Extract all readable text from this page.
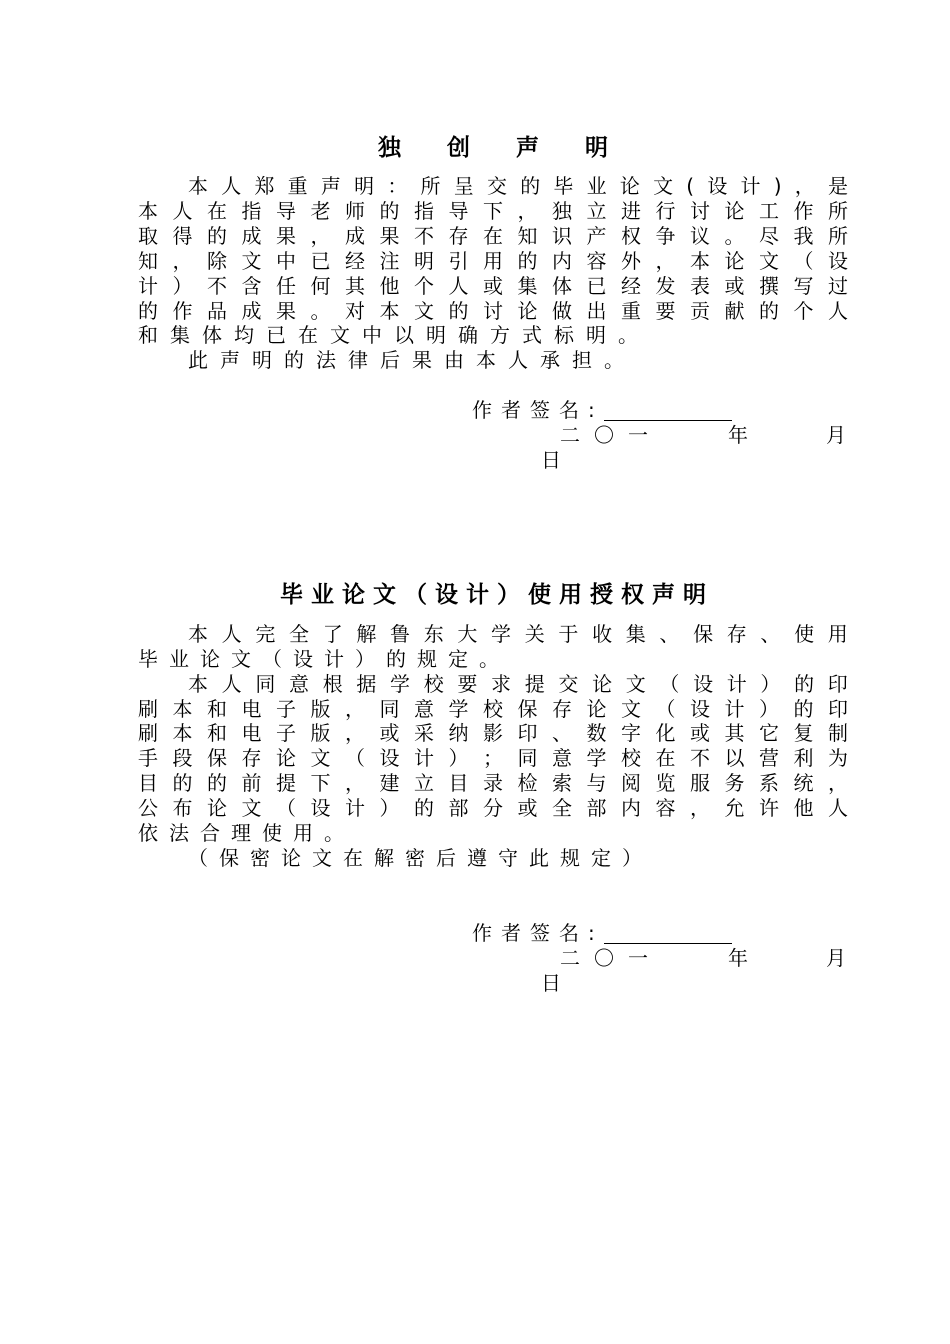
独 创 声 明
本 人 郑 重 声 明 ： 所 呈 交 的 毕 业 论 文 ( 设 计 ) ， 是
本 人 在 指 导 老 师 的 指 导 下 ， 独 立 进 行 讨 论 工 作 所
取 得 的 成 果 ， 成 果 不 存 在 知 识 产 权 争 议 。 尽 我 所
知 ， 除 文 中 已 经 注 明 引 用 的 内 容 外 ， 本 论 文 （ 设
计 ） 不 含 任 何 其 他 个 人 或 集 体 已 经 发 表 或 撰 写 过
的 作 品 成 果 。 对 本 文 的 讨 论 做 出 重 要 贡 献 的 个 人
和 集 体 均 已 在 文 中 以 明 确 方 式 标 明 。
此 声 明 的 法 律 后 果 由 本 人 承 担 。
作者签名:
二〇一	年	月
日
毕业论文（设计）使用授权声明
本 人 完 全 了 解 鲁 东 大 学 关 于 收 集 、 保 存 、 使 用
毕 业 论 文 （ 设 计 ） 的 规 定 。
本 人 同 意 根 据 学 校 要 求 提 交 论 文 （ 设 计 ） 的 印
刷 本 和 电 子 版 ， 同 意 学 校 保 存 论 文 （ 设 计 ） 的 印
刷 本 和 电 子 版 ， 或 采 纳 影 印 、 数 字 化 或 其 它 复 制
手 段 保 存 论 文 （ 设 计 ） ； 同 意 学 校 在 不 以 营 利 为
目 的 的 前 提 下 ， 建 立 目 录 检 索 与 阅 览 服 务 系 统 ，
公 布 论 文 （ 设 计 ） 的 部 分 或 全 部 内 容 ， 允 许 他 人
依 法 合 理 使 用 。
（ 保 密 论 文 在 解 密 后 遵 守 此 规 定 ）
作者签名:
二〇一	年	月
日
